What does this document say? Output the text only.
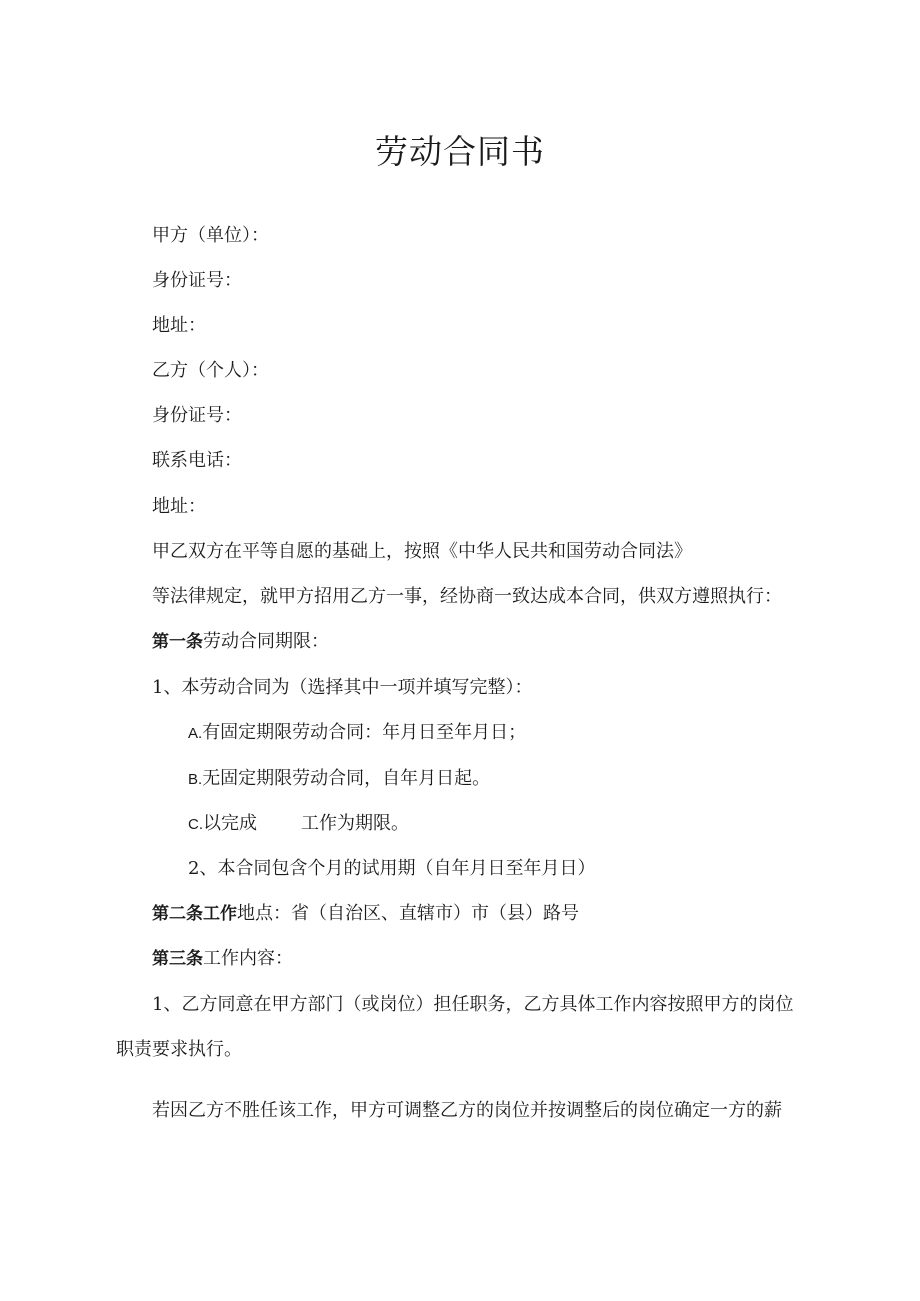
劳动合同书
甲方（单位）：
身份证号：
地址：
乙方（个人）：
身份证号：
联系电话：
地址：
甲乙双方在平等自愿的基础上，按照《中华人民共和国劳动合同法》
等法律规定，就甲方招用乙方一事，经协商一致达成本合同，供双方遵照执行：
第一条劳动合同期限：
1、本劳动合同为（选择其中一项并填写完整）：
A.有固定期限劳动合同：年月日至年月日；
B.无固定期限劳动合同，自年月日起。
C.以完成 工作为期限。
2、本合同包含个月的试用期（自年月日至年月日）
第二条工作地点：省（自治区、直辖市）市（县）路号
第三条工作内容：
1、乙方同意在甲方部门（或岗位）担任职务，乙方具体工作内容按照甲方的岗位
职责要求执行。
若因乙方不胜任该工作，甲方可调整乙方的岗位并按调整后的岗位确定一方的薪
